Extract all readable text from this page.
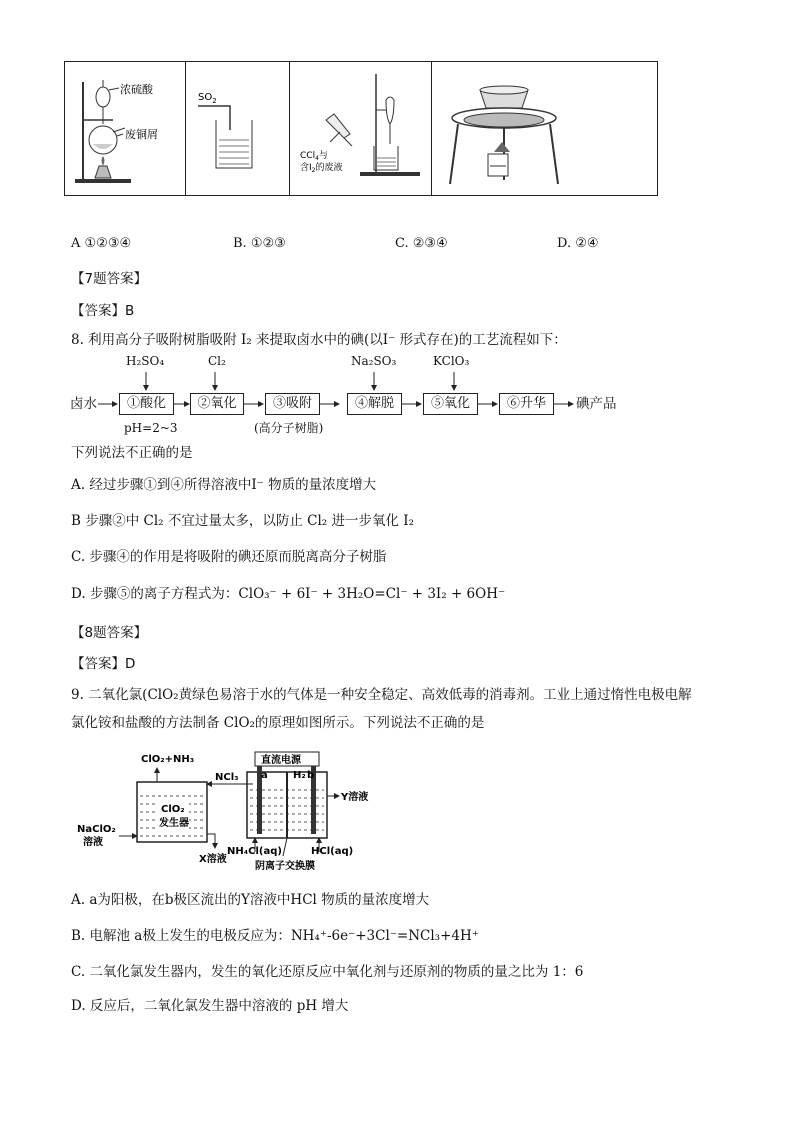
浓硫酸
废铜屑
$SO_2$
CCl$_4$与
含$I_2$的废液
A ①②③④	B. ①②③	C. ②③④	D. ②④
【7题答案】
【答案】B
8. 利用高分子吸附树脂吸附 I₂ 来提取卤水中的碘(以I⁻ 形式存在)的工艺流程如下：
H₂SO₄	Cl₂	Na₂SO₃	KClO₃
卤水	①酸化	②氧化	③吸附	④解脱	⑤氧化	⑥升华	碘产品
pH=2~3	(高分子树脂)
下列说法不正确的是
A. 经过步骤①到④所得溶液中I⁻ 物质的量浓度增大
B 步骤②中 Cl₂ 不宜过量太多，以防止 Cl₂ 进一步氧化 I₂
C. 步骤④的作用是将吸附的碘还原而脱离高分子树脂
D. 步骤⑤的离子方程式为：ClO₃⁻ + 6I⁻ + 3H₂O=Cl⁻ + 3I₂ + 6OH⁻
【8题答案】
【答案】D
9. 二氧化氯(ClO₂黄绿色易溶于水的气体是一种安全稳定、高效低毒的消毒剂。工业上通过惰性电极电解
氯化铵和盐酸的方法制备 ClO₂的原理如图所示。下列说法不正确的是
ClO₂
发生器
ClO₂+NH₃
NaClO₂
溶液
X溶液
NCl₃
直流电源
a	b
H₂
Y溶液
NH₄Cl(aq)	HCl(aq)
阴离子交换膜
A. a为阳极，在b极区流出的Y溶液中HCl 物质的量浓度增大
B. 电解池 a极上发生的电极反应为：NH₄⁺-6e⁻+3Cl⁻=NCl₃+4H⁺
C. 二氧化氯发生器内，发生的氧化还原反应中氧化剂与还原剂的物质的量之比为 1：6
D. 反应后，二氧化氯发生器中溶液的 pH 增大
